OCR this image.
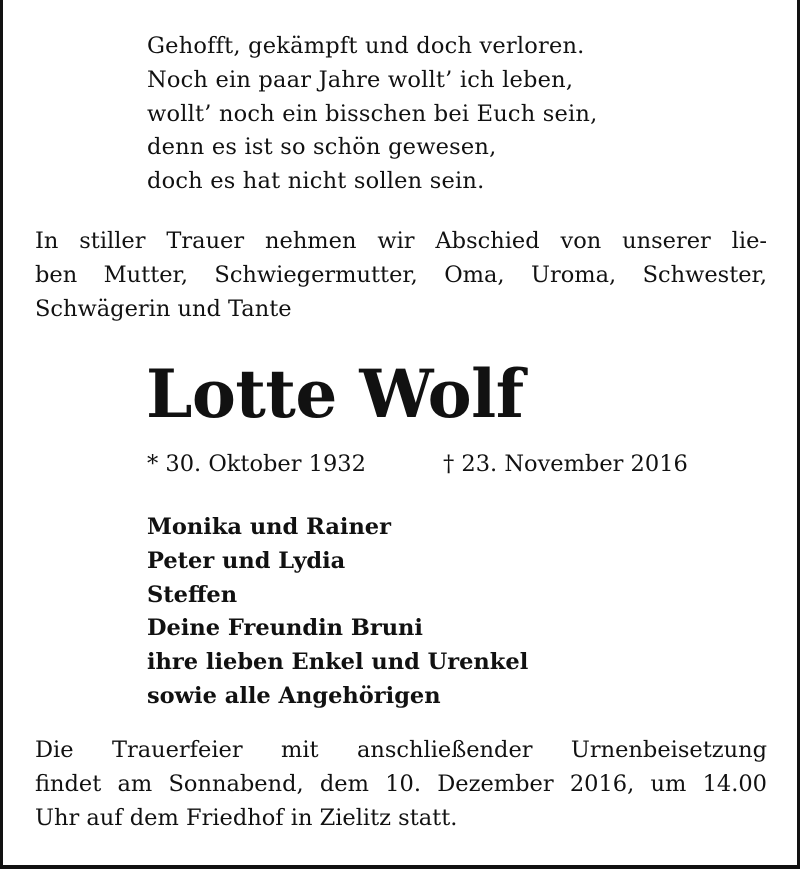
Gehofft, gekämpft und doch verloren.
Noch ein paar Jahre wollt’ ich leben,
wollt’ noch ein bisschen bei Euch sein,
denn es ist so schön gewesen,
doch es hat nicht sollen sein.
In stiller Trauer nehmen wir Abschied von unserer lie-
ben Mutter, Schwiegermutter, Oma, Uroma, Schwester,
Schwägerin und Tante
Lotte Wolf
* 30. Oktober 1932	† 23. November 2016
Monika und Rainer
Peter und Lydia
Steffen
Deine Freundin Bruni
ihre lieben Enkel und Urenkel
sowie alle Angehörigen
Die Trauerfeier mit anschließender Urnenbeisetzung
findet am Sonnabend, dem 10. Dezember 2016, um 14.00
Uhr auf dem Friedhof in Zielitz statt.
